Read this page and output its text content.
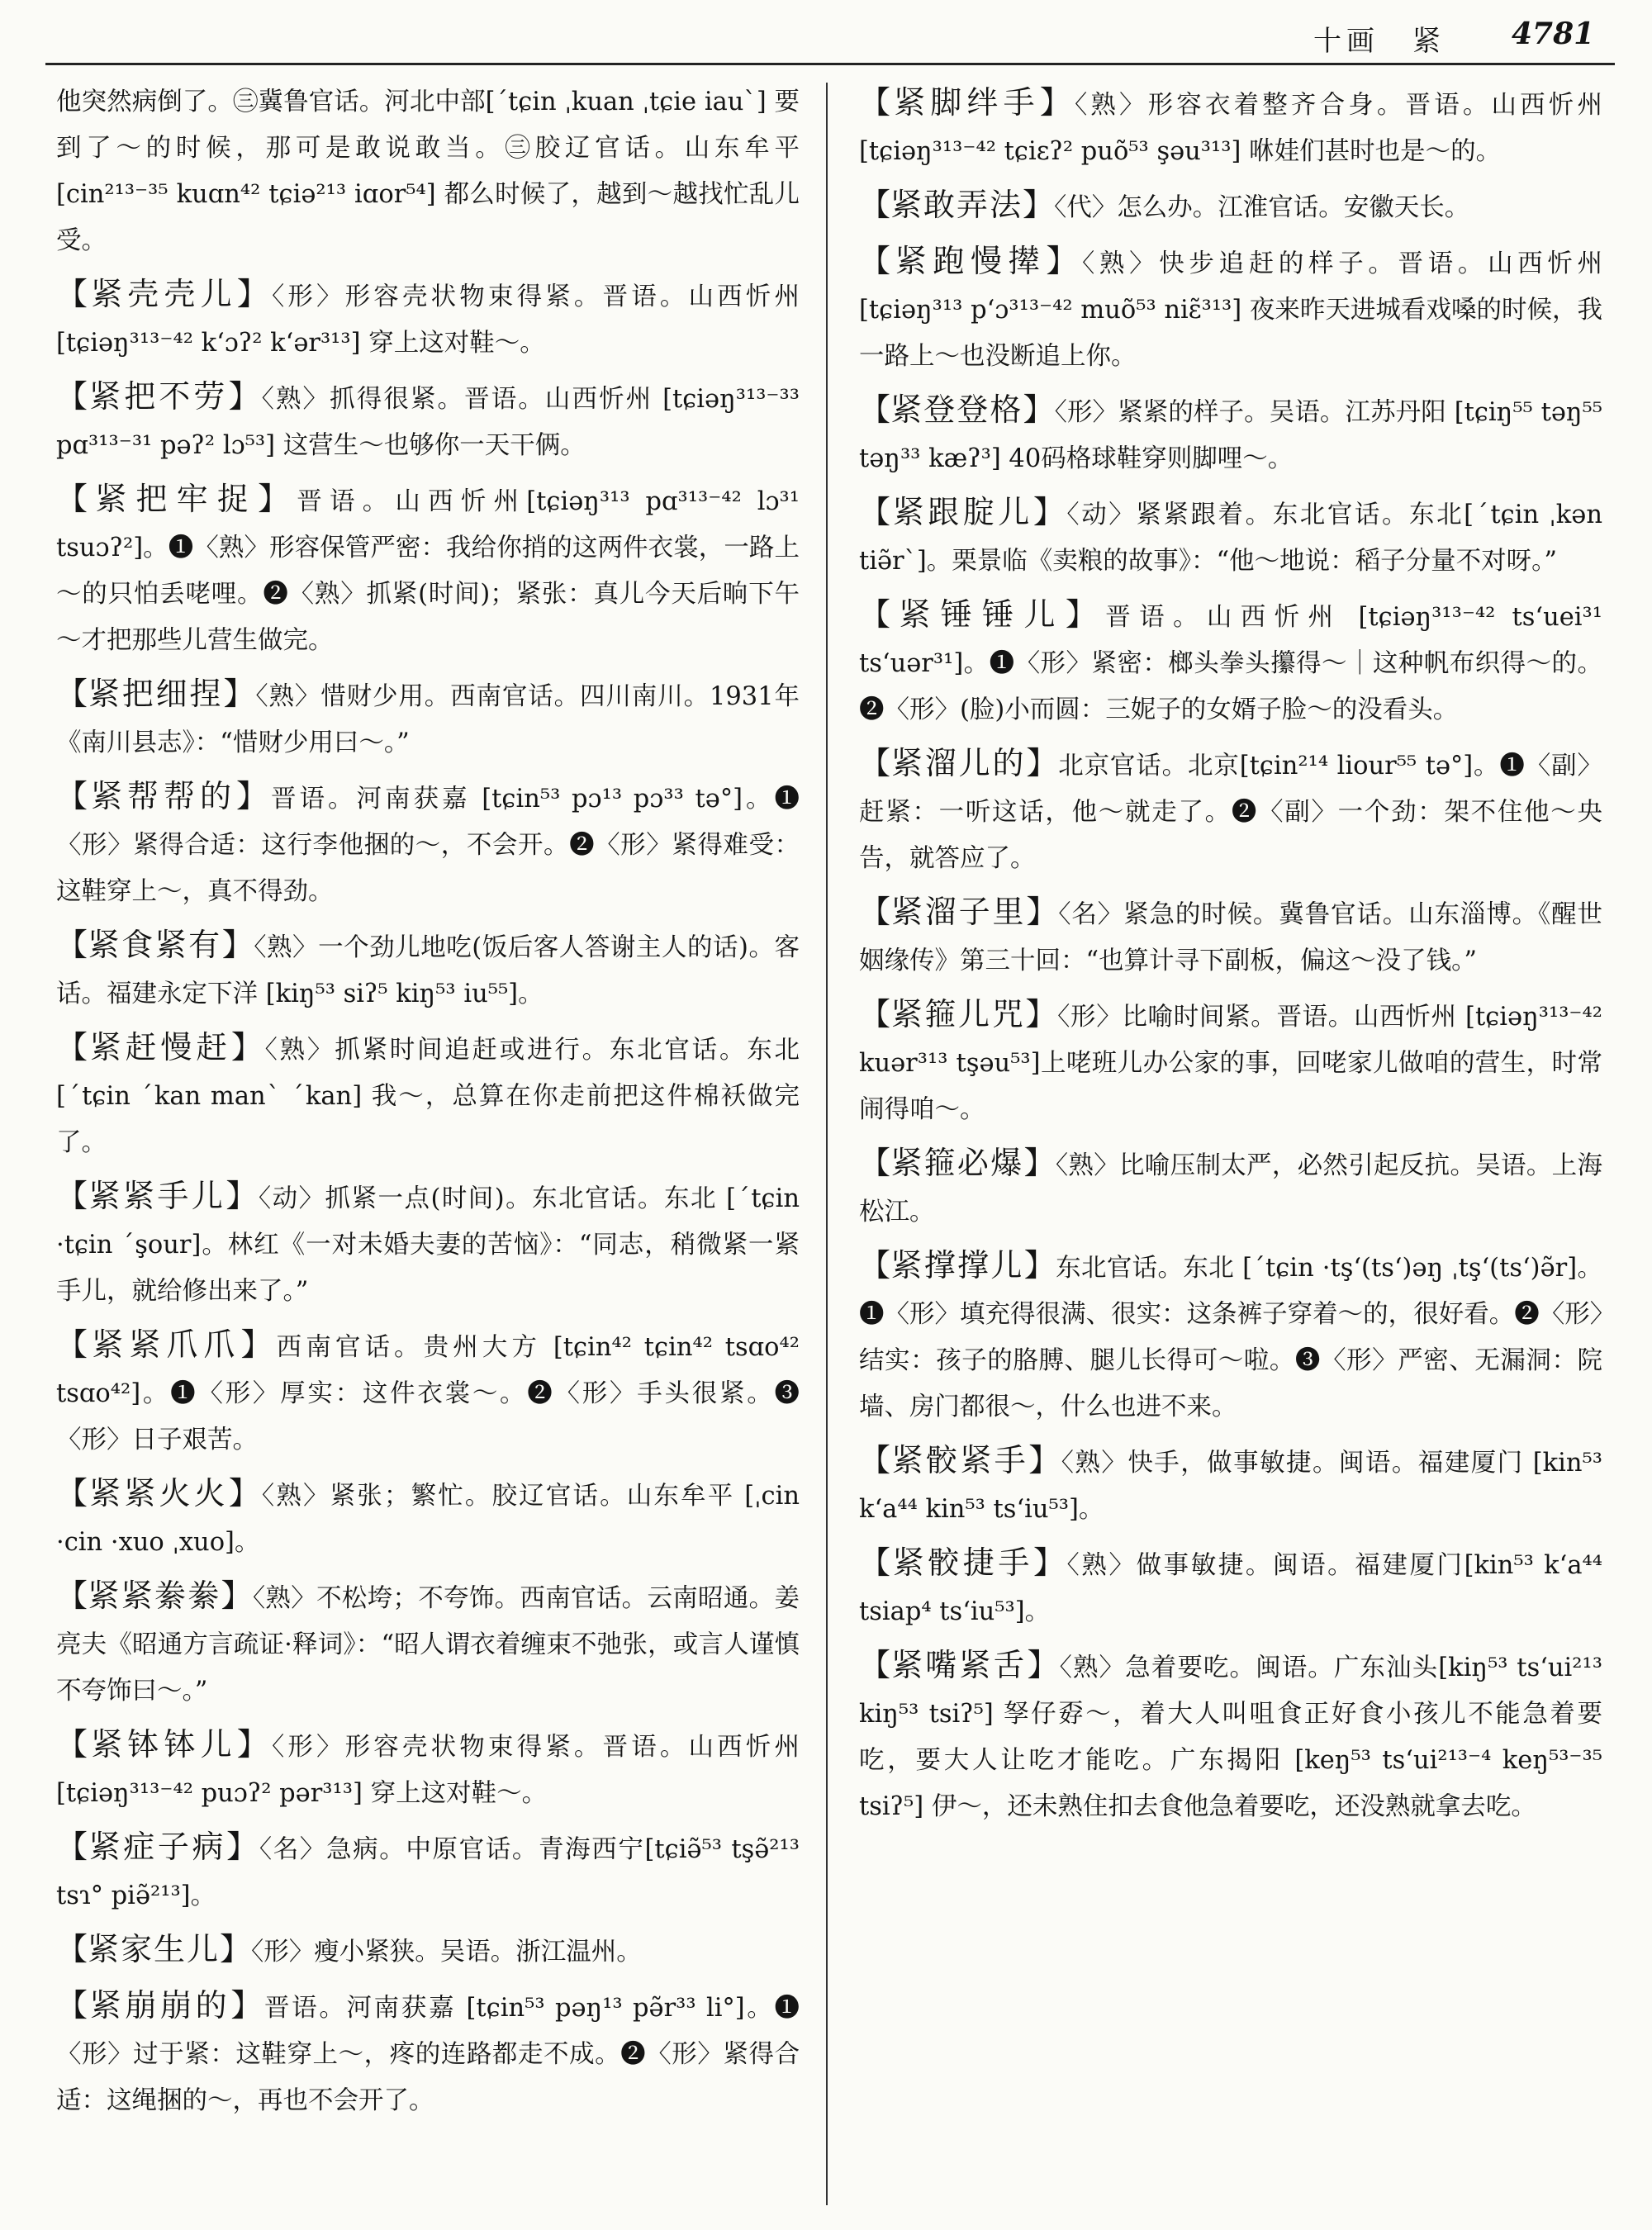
十画 紧 4781
他突然病倒了。㊂冀鲁官话。河北中部[ˊtɕin ˌkuan ˌtɕie iauˋ] 要到了～的时候，那可是敢说敢当。㊂胶辽官话。山东牟平 [cin²¹³⁻³⁵ kuɑn⁴² tɕiə²¹³ iɑor⁵⁴] 都么时候了，越到～越找忙乱儿受。
【紧壳壳儿】〈形〉形容壳状物束得紧。晋语。山西忻州 [tɕiəŋ³¹³⁻⁴² kʻɔʔ² kʻər³¹³] 穿上这对鞋～。
【紧把不劳】〈熟〉抓得很紧。晋语。山西忻州 [tɕiəŋ³¹³⁻³³ pɑ³¹³⁻³¹ pəʔ² lɔ⁵³] 这营生～也够你一天干俩。
【紧把牢捉】晋语。山西忻州[tɕiəŋ³¹³ pɑ³¹³⁻⁴² lɔ³¹ tsuɔʔ²]。❶〈熟〉形容保管严密：我给你捎的这两件衣裳，一路上～的只怕丢咾哩。❷〈熟〉抓紧(时间)；紧张：真儿今天后晌下午～才把那些儿营生做完。
【紧把细捏】〈熟〉惜财少用。西南官话。四川南川。1931年《南川县志》：“惜财少用曰～。”
【紧帮帮的】晋语。河南获嘉 [tɕin⁵³ pɔ¹³ pɔ³³ tə°]。❶〈形〉紧得合适：这行李他捆的～，不会开。❷〈形〉紧得难受：这鞋穿上～，真不得劲。
【紧食紧有】〈熟〉一个劲儿地吃(饭后客人答谢主人的话)。客话。福建永定下洋 [kiŋ⁵³ siʔ⁵ kiŋ⁵³ iu⁵⁵]。
【紧赶慢赶】〈熟〉抓紧时间追赶或进行。东北官话。东北 [ˊtɕin ˊkan manˋ ˊkan] 我～，总算在你走前把这件棉袄做完了。
【紧紧手儿】〈动〉抓紧一点(时间)。东北官话。东北 [ˊtɕin ·tɕin ˊşour]。林红《一对未婚夫妻的苦恼》：“同志，稍微紧一紧手儿，就给修出来了。”
【紧紧爪爪】西南官话。贵州大方 [tɕin⁴² tɕin⁴² tsɑo⁴² tsɑo⁴²]。❶〈形〉厚实：这件衣裳～。❷〈形〉手头很紧。❸〈形〉日子艰苦。
【紧紧火火】〈熟〉紧张；繁忙。胶辽官话。山东牟平 [ˌcin ·cin ·xuo ˌxuo]。
【紧紧絭絭】〈熟〉不松垮；不夸饰。西南官话。云南昭通。姜亮夫《昭通方言疏证·释词》：“昭人谓衣着缠束不弛张，或言人谨慎不夸饰曰～。”
【紧钵钵儿】〈形〉形容壳状物束得紧。晋语。山西忻州 [tɕiəŋ³¹³⁻⁴² puɔʔ² pər³¹³] 穿上这对鞋～。
【紧症子病】〈名〉急病。中原官话。青海西宁[tɕiə̃⁵³ tşə̃²¹³ tsɿ° piə̃²¹³]。
【紧家生儿】〈形〉瘦小紧狭。吴语。浙江温州。
【紧崩崩的】晋语。河南获嘉 [tɕin⁵³ pəŋ¹³ pə̃r³³ li°]。❶〈形〉过于紧：这鞋穿上～，疼的连路都走不成。❷〈形〉紧得合适：这绳捆的～，再也不会开了。
【紧脚绊手】〈熟〉形容衣着整齐合身。晋语。山西忻州 [tɕiəŋ³¹³⁻⁴² tɕiɛʔ² puõ⁵³ şəu³¹³] 咻娃们甚时也是～的。
【紧敢弄法】〈代〉怎么办。江淮官话。安徽天长。
【紧跑慢撵】〈熟〉快步追赶的样子。晋语。山西忻州 [tɕiəŋ³¹³ pʻɔ³¹³⁻⁴² muõ⁵³ niɛ̃³¹³] 夜来昨天进城看戏嗓的时候，我一路上～也没断追上你。
【紧登登格】〈形〉紧紧的样子。吴语。江苏丹阳 [tɕiŋ⁵⁵ təŋ⁵⁵ təŋ³³ kæʔ³] 40码格球鞋穿则脚哩～。
【紧跟腚儿】〈动〉紧紧跟着。东北官话。东北[ˊtɕin ˌkən tiə̃rˋ]。栗景临《卖粮的故事》：“他～地说：稻子分量不对呀。”
【紧锤锤儿】晋语。山西忻州 [tɕiəŋ³¹³⁻⁴² tsʻuei³¹ tsʻuər³¹]。❶〈形〉紧密：榔头拳头攥得～｜这种帆布织得～的。❷〈形〉(脸)小而圆：三妮子的女婿子脸～的没看头。
【紧溜儿的】北京官话。北京[tɕin²¹⁴ liour⁵⁵ tə°]。❶〈副〉赶紧：一听这话，他～就走了。❷〈副〉一个劲：架不住他～央告，就答应了。
【紧溜子里】〈名〉紧急的时候。冀鲁官话。山东淄博。《醒世姻缘传》第三十回：“也算计寻下副板，偏这～没了钱。”
【紧箍儿咒】〈形〉比喻时间紧。晋语。山西忻州 [tɕiəŋ³¹³⁻⁴² kuər³¹³ tşəu⁵³]上咾班儿办公家的事，回咾家儿做咱的营生，时常闹得咱～。
【紧箍必爆】〈熟〉比喻压制太严，必然引起反抗。吴语。上海松江。
【紧撑撑儿】东北官话。东北 [ˊtɕin ·tşʻ(tsʻ)əŋ ˌtşʻ(tsʻ)ə̃r]。❶〈形〉填充得很满、很实：这条裤子穿着～的，很好看。❷〈形〉结实：孩子的胳膊、腿儿长得可～啦。❸〈形〉严密、无漏洞：院墙、房门都很～，什么也进不来。
【紧骹紧手】〈熟〉快手，做事敏捷。闽语。福建厦门 [kin⁵³ kʻa⁴⁴ kin⁵³ tsʻiu⁵³]。
【紧骹捷手】〈熟〉做事敏捷。闽语。福建厦门[kin⁵³ kʻa⁴⁴ tsiap⁴ tsʻiu⁵³]。
【紧嘴紧舌】〈熟〉急着要吃。闽语。广东汕头[kiŋ⁵³ tsʻui²¹³ kiŋ⁵³ tsiʔ⁵] 孥仔孬～，着大人叫咀食正好食小孩儿不能急着要吃，要大人让吃才能吃。广东揭阳 [keŋ⁵³ tsʻui²¹³⁻⁴ keŋ⁵³⁻³⁵ tsiʔ⁵] 伊～，还未熟住扣去食他急着要吃，还没熟就拿去吃。
